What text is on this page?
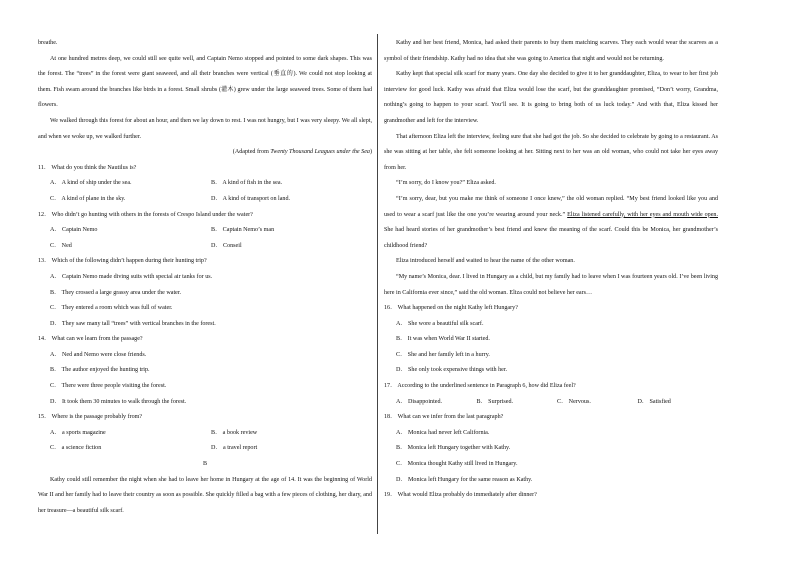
breathe.
At one hundred metres deep, we could still see quite well, and Captain Nemo stopped and pointed to some dark shapes. This was the forest. The “trees” in the forest were giant seaweed, and all their branches were vertical (垂直的). We could not stop looking at them. Fish swam around the branches like birds in a forest. Small shrubs (灌木) grew under the large seaweed trees. Some of them had flowers.
We walked through this forest for about an hour, and then we lay down to rest. I was not hungry, but I was very sleepy. We all slept, and when we woke up, we walked further.
(Adapted from Twenty Thousand Leagues under the Sea)
11． What do you think the Nautilus is?
A． A kind of ship under the sea.	B． A kind of fish in the sea.
C． A kind of plane in the sky.	D． A kind of transport on land.
12． Who didn’t go hunting with others in the forests of Crespo Island under the water?
A． Captain Nemo	B． Captain Nemo’s man
C． Ned	D． Conseil
13． Which of the following didn’t happen during their hunting trip?
A． Captain Nemo made diving suits with special air tanks for us.
B． They crossed a large grassy area under the water.
C． They entered a room which was full of water.
D． They saw many tall “trees” with vertical branches in the forest.
14． What can we learn from the passage?
A． Ned and Nemo were close friends.
B． The author enjoyed the hunting trip.
C． There were three people visiting the forest.
D． It took them 30 minutes to walk through the forest.
15． Where is the passage probably from?
A． a sports magazine	B． a book review
C． a science fiction	D． a travel report
B
Kathy could still remember the night when she had to leave her home in Hungary at the age of 14. It was the beginning of World War II and her family had to leave their country as soon as possible. She quickly filled a bag with a few pieces of clothing, her diary, and her treasure—a beautiful silk scarf.
Kathy and her best friend, Monica, had asked their parents to buy them matching scarves. They each would wear the scarves as a symbol of their friendship. Kathy had no idea that she was going to America that night and would not be returning.
Kathy kept that special silk scarf for many years. One day she decided to give it to her granddaughter, Eliza, to wear to her first job interview for good luck. Kathy was afraid that Eliza would lose the scarf, but the granddaughter promised, “Don’t worry, Grandma, nothing’s going to happen to your scarf. You’ll see. It is going to bring both of us luck today.” And with that, Eliza kissed her grandmother and left for the interview.
That afternoon Eliza left the interview, feeling sure that she had got the job. So she decided to celebrate by going to a restaurant. As she was sitting at her table, she felt someone looking at her. Sitting next to her was an old woman, who could not take her eyes away from her.
“I’m sorry, do I know you?” Eliza asked.
“I’m sorry, dear, but you make me think of someone I once knew,” the old woman replied. “My best friend looked like you and used to wear a scarf just like the one you’re wearing around your neck.” Eliza listened carefully, with her eyes and mouth wide open. She had heard stories of her grandmother’s best friend and knew the meaning of the scarf. Could this be Monica, her grandmother’s childhood friend?
Eliza introduced herself and waited to hear the name of the other woman.
“My name’s Monica, dear. I lived in Hungary as a child, but my family had to leave when I was fourteen years old. I’ve been living here in California ever since,” said the old woman. Eliza could not believe her ears…
16． What happened on the night Kathy left Hungary?
A． She wore a beautiful silk scarf.
B． It was when World War II started.
C． She and her family left in a hurry.
D． She only took expensive things with her.
17． According to the underlined sentence in Paragraph 6, how did Eliza feel?
A． Disappointed.	B． Surprised.	C． Nervous.	D． Satisfied
18． What can we infer from the last paragraph?
A． Monica had never left California.
B． Monica left Hungary together with Kathy.
C． Monica thought Kathy still lived in Hungary.
D． Monica left Hungary for the same reason as Kathy.
19． What would Eliza probably do immediately after dinner?
